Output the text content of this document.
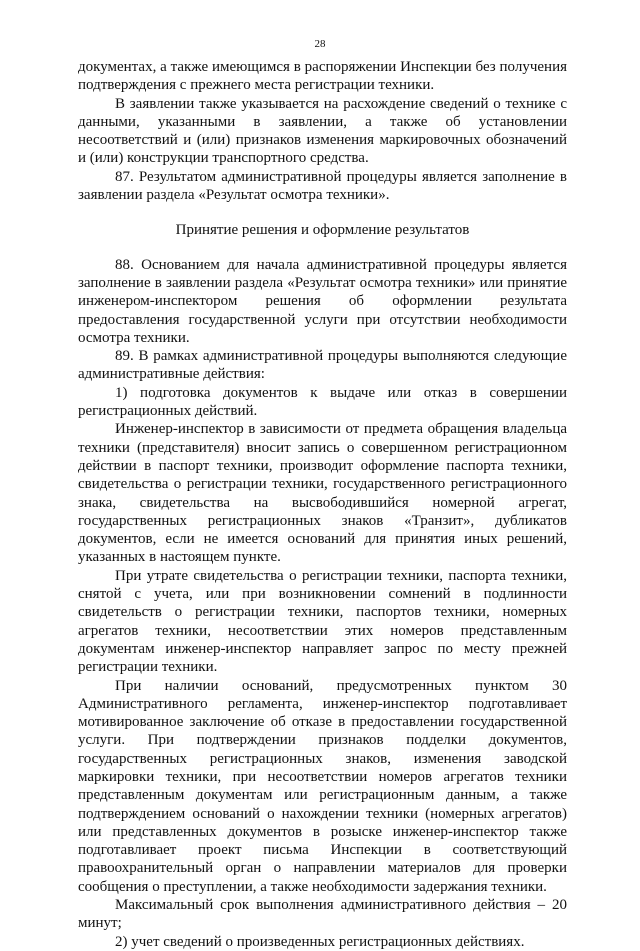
28

документах, а также имеющимся в распоряжении Инспекции без получения подтверждения с прежнего места регистрации техники.

В заявлении также указывается на расхождение сведений о технике с данными, указанными в заявлении, а также об установлении несоответствий и (или) признаков изменения маркировочных обозначений и (или) конструкции транспортного средства.

87. Результатом административной процедуры является заполнение в заявлении раздела «Результат осмотра техники».

Принятие решения и оформление результатов

88. Основанием для начала административной процедуры является заполнение в заявлении раздела «Результат осмотра техники» или принятие инженером-инспектором решения об оформлении результата предоставления государственной услуги при отсутствии необходимости осмотра техники.

89. В рамках административной процедуры выполняются следующие административные действия:

1) подготовка документов к выдаче или отказ в совершении регистрационных действий.

Инженер-инспектор в зависимости от предмета обращения владельца техники (представителя) вносит запись о совершенном регистрационном действии в паспорт техники, производит оформление паспорта техники, свидетельства о регистрации техники, государственного регистрационного знака, свидетельства на высвободившийся номерной агрегат, государственных регистрационных знаков «Транзит», дубликатов документов, если не имеется оснований для принятия иных решений, указанных в настоящем пункте.

При утрате свидетельства о регистрации техники, паспорта техники, снятой с учета, или при возникновении сомнений в подлинности свидетельств о регистрации техники, паспортов техники, номерных агрегатов техники, несоответствии этих номеров представленным документам инженер-инспектор направляет запрос по месту прежней регистрации техники.

При наличии оснований, предусмотренных пунктом 30 Административного регламента, инженер-инспектор подготавливает мотивированное заключение об отказе в предоставлении государственной услуги. При подтверждении признаков подделки документов, государственных регистрационных знаков, изменения заводской маркировки техники, при несоответствии номеров агрегатов техники представленным документам или регистрационным данным, а также подтверждением оснований о нахождении техники (номерных агрегатов) или представленных документов в розыске инженер-инспектор также подготавливает проект письма Инспекции в соответствующий правоохранительный орган о направлении материалов для проверки сообщения о преступлении, а также необходимости задержания техники.

Максимальный срок выполнения административного действия – 20 минут;

2) учет сведений о произведенных регистрационных действиях.
